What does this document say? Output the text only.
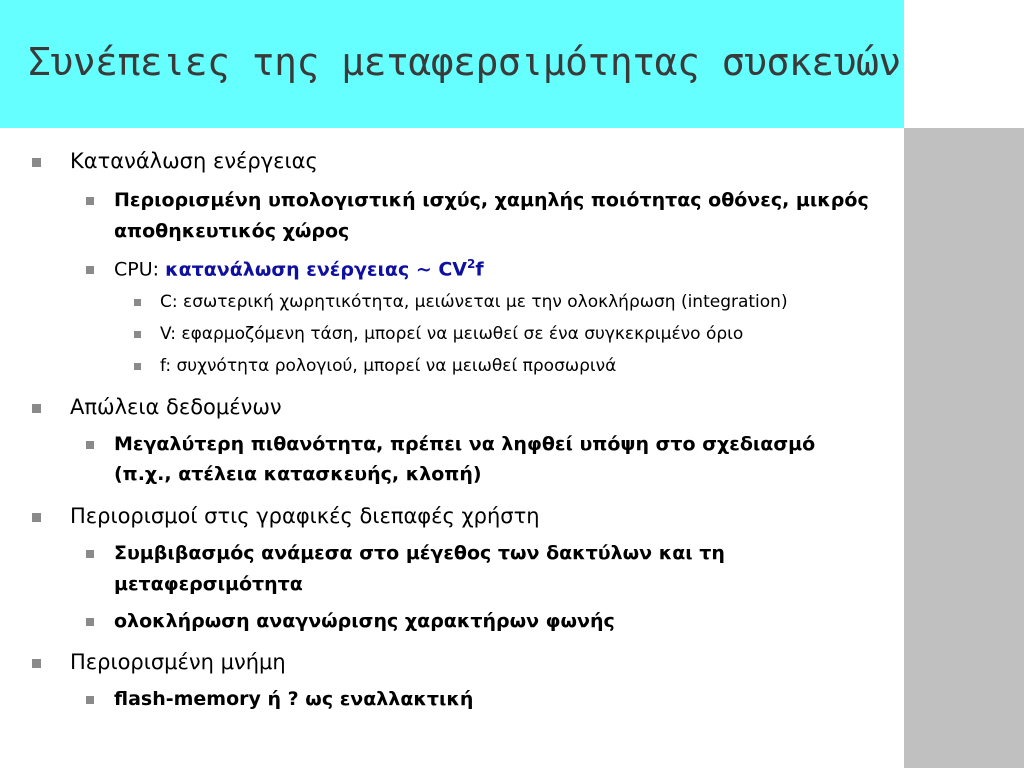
Συνέπειες της μεταφερσιμότητας συσκευών
Κατανάλωση ενέργειας
Περιορισμένη υπολογιστική ισχύς, χαμηλής ποιότητας οθόνες, μικρός
αποθηκευτικός χώρος
CPU: κατανάλωση ενέργειας ~ $CV^2f$
C: εσωτερική χωρητικότητα, μειώνεται με την ολοκλήρωση (integration)
V: εφαρμοζόμενη τάση, μπορεί να μειωθεί σε ένα συγκεκριμένο όριο
f: συχνότητα ρολογιού, μπορεί να μειωθεί προσωρινά
Απώλεια δεδομένων
Μεγαλύτερη πιθανότητα, πρέπει να ληφθεί υπόψη στο σχεδιασμό
(π.χ., ατέλεια κατασκευής, κλοπή)
Περιορισμοί στις γραφικές διεπαφές χρήστη
Συμβιβασμός ανάμεσα στο μέγεθος των δακτύλων και τη
μεταφερσιμότητα
ολοκλήρωση αναγνώρισης χαρακτήρων φωνής
Περιορισμένη μνήμη
flash-memory ή ? ως εναλλακτική
